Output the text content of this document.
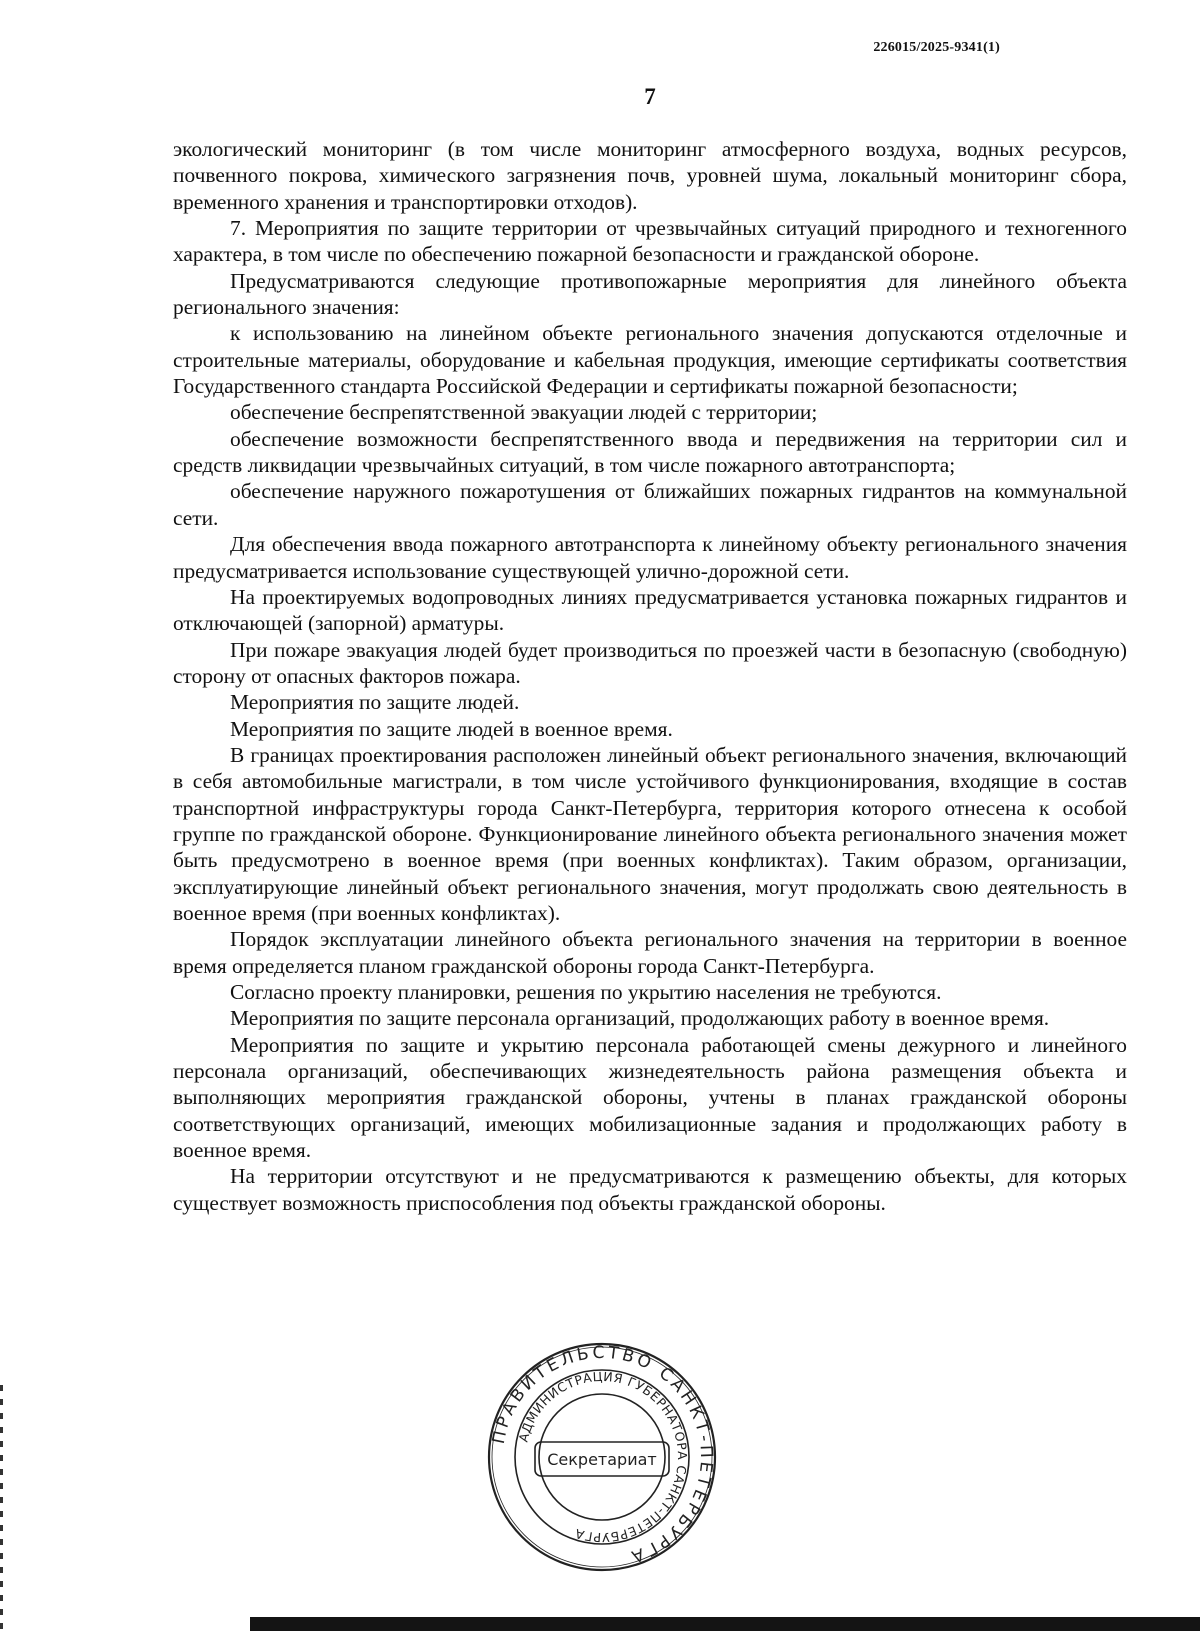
226015/2025-9341(1)
7

экологический мониторинг (в том числе мониторинг атмосферного воздуха, водных ресурсов, почвенного покрова, химического загрязнения почв, уровней шума, локальный мониторинг сбора, временного хранения и транспортировки отходов).

7. Мероприятия по защите территории от чрезвычайных ситуаций природного и техногенного характера, в том числе по обеспечению пожарной безопасности и гражданской обороне.

Предусматриваются следующие противопожарные мероприятия для линейного объекта регионального значения:

к использованию на линейном объекте регионального значения допускаются отделочные и строительные материалы, оборудование и кабельная продукция, имеющие сертификаты соответствия Государственного стандарта Российской Федерации и сертификаты пожарной безопасности;

обеспечение беспрепятственной эвакуации людей с территории;

обеспечение возможности беспрепятственного ввода и передвижения на территории сил и средств ликвидации чрезвычайных ситуаций, в том числе пожарного автотранспорта;

обеспечение наружного пожаротушения от ближайших пожарных гидрантов на коммунальной сети.

Для обеспечения ввода пожарного автотранспорта к линейному объекту регионального значения предусматривается использование существующей улично-дорожной сети.

На проектируемых водопроводных линиях предусматривается установка пожарных гидрантов и отключающей (запорной) арматуры.

При пожаре эвакуация людей будет производиться по проезжей части в безопасную (свободную) сторону от опасных факторов пожара.

Мероприятия по защите людей.

Мероприятия по защите людей в военное время.

В границах проектирования расположен линейный объект регионального значения, включающий в себя автомобильные магистрали, в том числе устойчивого функционирования, входящие в состав транспортной инфраструктуры города Санкт-Петербурга, территория которого отнесена к особой группе по гражданской обороне. Функционирование линейного объекта регионального значения может быть предусмотрено в военное время (при военных конфликтах). Таким образом, организации, эксплуатирующие линейный объект регионального значения, могут продолжать свою деятельность в военное время (при военных конфликтах).

Порядок эксплуатации линейного объекта регионального значения на территории в военное время определяется планом гражданской обороны города Санкт-Петербурга.

Согласно проекту планировки, решения по укрытию населения не требуются.

Мероприятия по защите персонала организаций, продолжающих работу в военное время.

Мероприятия по защите и укрытию персонала работающей смены дежурного и линейного персонала организаций, обеспечивающих жизнедеятельность района размещения объекта и выполняющих мероприятия гражданской обороны, учтены в планах гражданской обороны соответствующих организаций, имеющих мобилизационные задания и продолжающих работу в военное время.

На территории отсутствуют и не предусматриваются к размещению объекты, для которых существует возможность приспособления под объекты гражданской обороны.

ПРАВИТЕЛЬСТВО САНКТ-ПЕТЕРБУРГА
АДМИНИСТРАЦИЯ ГУБЕРНАТОРА САНКТ-ПЕТЕРБУРГА
Секретариат
